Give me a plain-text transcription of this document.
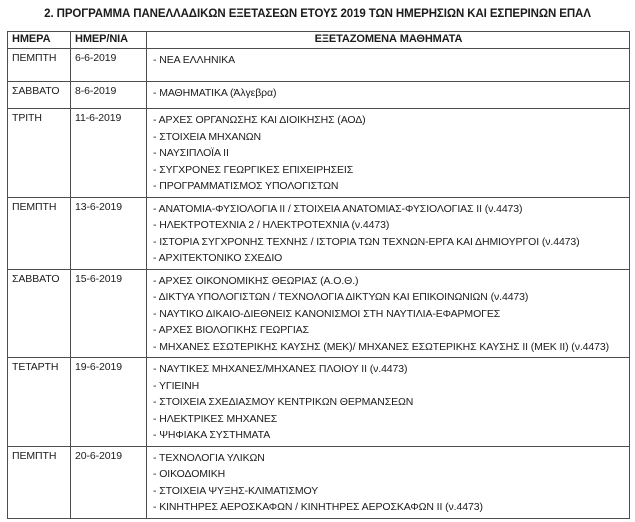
2. ΠΡΟΓΡΑΜΜΑ ΠΑΝΕΛΛΑΔΙΚΩΝ ΕΞΕΤΑΣΕΩΝ ΕΤΟΥΣ 2019 ΤΩΝ ΗΜΕΡΗΣΙΩΝ ΚΑΙ ΕΣΠΕΡΙΝΩΝ ΕΠΑΛ
ΗΜΕΡΑ	ΗΜΕΡ/ΝΙΑ	ΕΞΕΤΑΖΟΜΕΝΑ ΜΑΘΗΜΑΤΑ
ΠΕΜΠΤΗ	6-6-2019	- ΝΕΑ ΕΛΛΗΝΙΚΑ

ΣΑΒΒΑΤΟ	8-6-2019	- ΜΑΘΗΜΑΤΙΚΑ (Άλγεβρα)

ΤΡΙΤΗ	11-6-2019	- ΑΡΧΕΣ ΟΡΓΑΝΩΣΗΣ ΚΑΙ ΔΙΟΙΚΗΣΗΣ (ΑΟΔ)
- ΣΤΟΙΧΕΙΑ ΜΗΧΑΝΩΝ
- ΝΑΥΣΙΠΛΟΪΑ ΙΙ
- ΣΥΓΧΡΟΝΕΣ ΓΕΩΡΓΙΚΕΣ ΕΠΙΧΕΙΡΗΣΕΙΣ
- ΠΡΟΓΡΑΜΜΑΤΙΣΜΟΣ ΥΠΟΛΟΓΙΣΤΩΝ

ΠΕΜΠΤΗ	13-6-2019	- ΑΝΑΤΟΜΙΑ-ΦΥΣΙΟΛΟΓΙΑ ΙΙ / ΣΤΟΙΧΕΙΑ ΑΝΑΤΟΜΙΑΣ-ΦΥΣΙΟΛΟΓΙΑΣ ΙΙ (ν.4473)
- ΗΛΕΚΤΡΟΤΕΧΝΙΑ 2 / ΗΛΕΚΤΡΟΤΕΧΝΙΑ (ν.4473)
- ΙΣΤΟΡΙΑ ΣΥΓΧΡΟΝΗΣ ΤΕΧΝΗΣ / ΙΣΤΟΡΙΑ ΤΩΝ ΤΕΧΝΩΝ-ΕΡΓΑ ΚΑΙ ΔΗΜΙΟΥΡΓΟΙ (ν.4473)
- ΑΡΧΙΤΕΚΤΟΝΙΚΟ ΣΧΕΔΙΟ

ΣΑΒΒΑΤΟ	15-6-2019	- ΑΡΧΕΣ ΟΙΚΟΝΟΜΙΚΗΣ ΘΕΩΡΙΑΣ (Α.Ο.Θ.)
- ΔΙΚΤΥΑ ΥΠΟΛΟΓΙΣΤΩΝ / ΤΕΧΝΟΛΟΓΙΑ ΔΙΚΤΥΩΝ ΚΑΙ ΕΠΙΚΟΙΝΩΝΙΩΝ (ν.4473)
- ΝΑΥΤΙΚΟ ΔΙΚΑΙΟ-ΔΙΕΘΝΕΙΣ ΚΑΝΟΝΙΣΜΟΙ ΣΤΗ ΝΑΥΤΙΛΙΑ-ΕΦΑΡΜΟΓΕΣ
- ΑΡΧΕΣ ΒΙΟΛΟΓΙΚΗΣ ΓΕΩΡΓΙΑΣ
- ΜΗΧΑΝΕΣ ΕΣΩΤΕΡΙΚΗΣ ΚΑΥΣΗΣ (ΜΕΚ)/ ΜΗΧΑΝΕΣ ΕΣΩΤΕΡΙΚΗΣ ΚΑΥΣΗΣ ΙΙ (ΜΕΚ ΙΙ) (ν.4473)

ΤΕΤΑΡΤΗ	19-6-2019	- ΝΑΥΤΙΚΕΣ ΜΗΧΑΝΕΣ/ΜΗΧΑΝΕΣ ΠΛΟΙΟΥ ΙΙ (ν.4473)
- ΥΓΙΕΙΝΗ
- ΣΤΟΙΧΕΙΑ ΣΧΕΔΙΑΣΜΟΥ ΚΕΝΤΡΙΚΩΝ ΘΕΡΜΑΝΣΕΩΝ
- ΗΛΕΚΤΡΙΚΕΣ ΜΗΧΑΝΕΣ
- ΨΗΦΙΑΚΑ ΣΥΣΤΗΜΑΤΑ

ΠΕΜΠΤΗ	20-6-2019	- ΤΕΧΝΟΛΟΓΙΑ ΥΛΙΚΩΝ
- ΟΙΚΟΔΟΜΙΚΗ
- ΣΤΟΙΧΕΙΑ ΨΥΞΗΣ-ΚΛΙΜΑΤΙΣΜΟΥ
- ΚΙΝΗΤΗΡΕΣ ΑΕΡΟΣΚΑΦΩΝ / ΚΙΝΗΤΗΡΕΣ ΑΕΡΟΣΚΑΦΩΝ ΙΙ (ν.4473)
